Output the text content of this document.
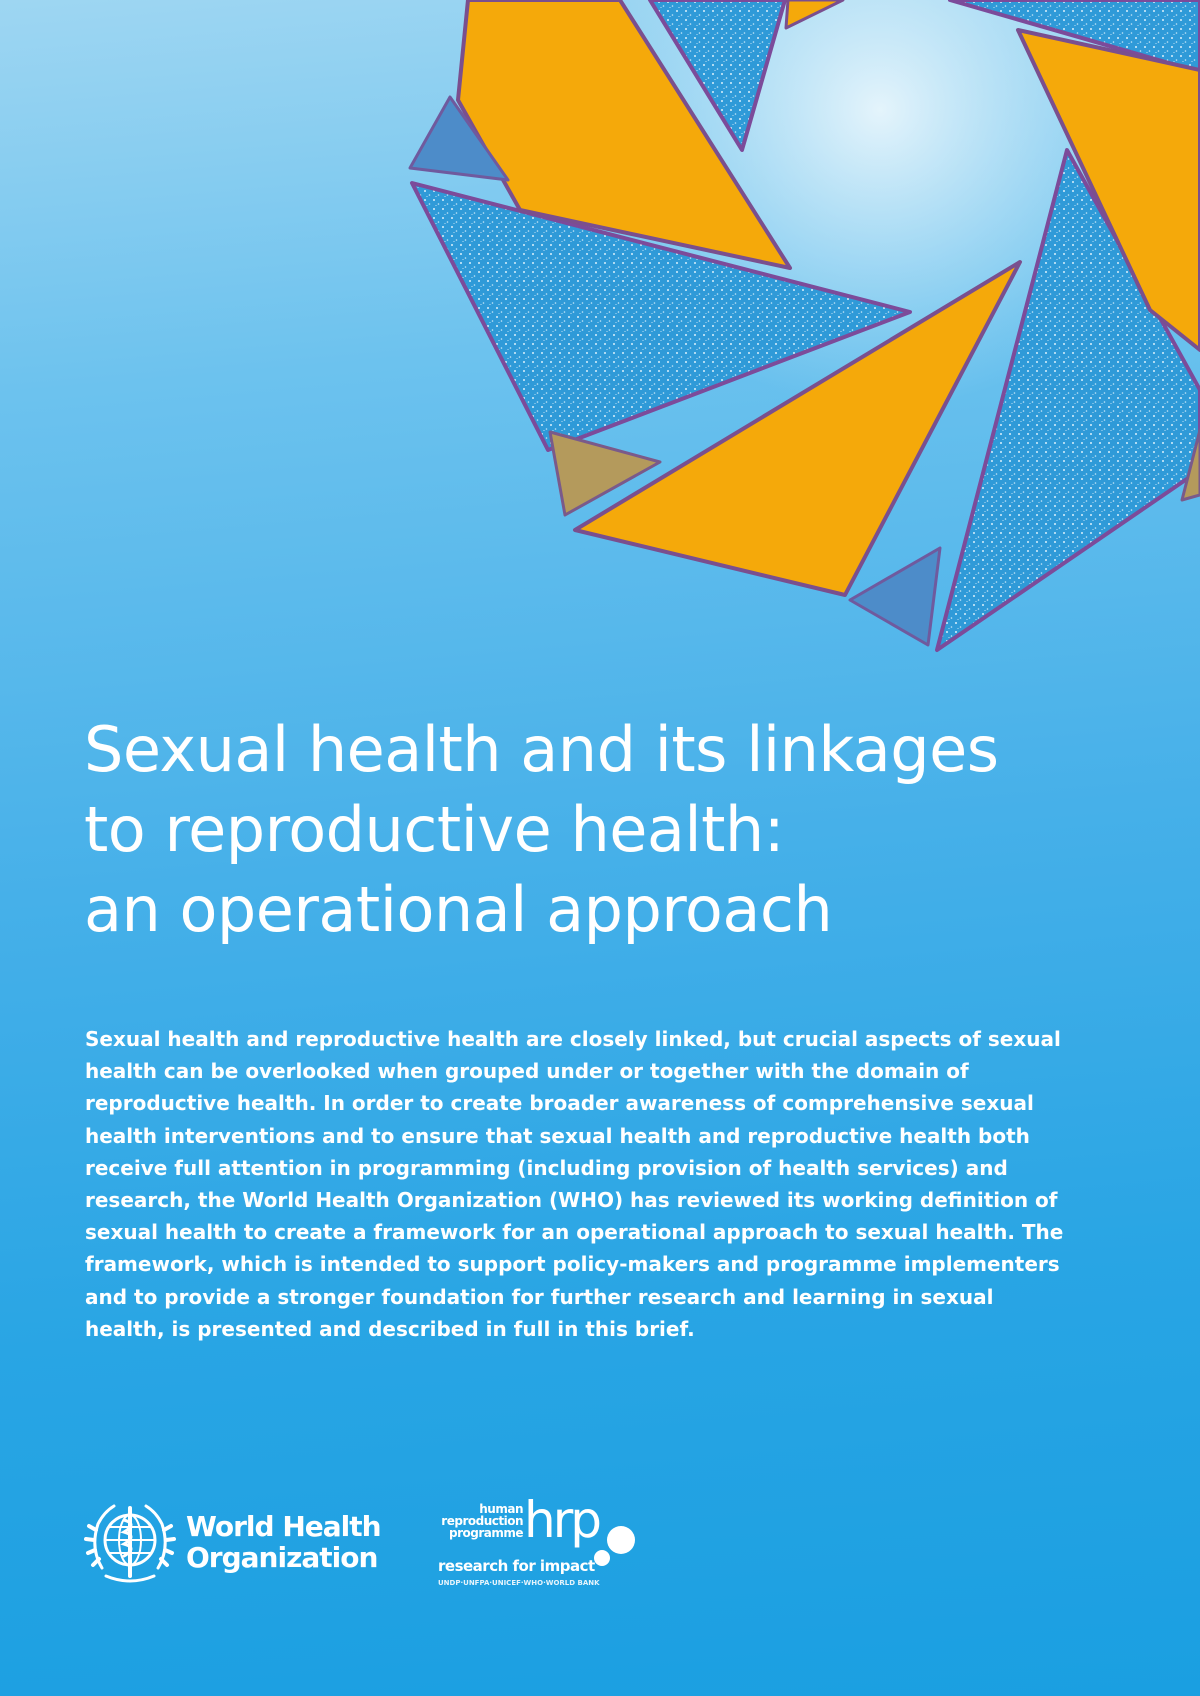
Sexual health and its linkages
to reproductive health:
an operational approach

Sexual health and reproductive health are closely linked, but crucial aspects of sexual
health can be overlooked when grouped under or together with the domain of
reproductive health. In order to create broader awareness of comprehensive sexual
health interventions and to ensure that sexual health and reproductive health both
receive full attention in programming (including provision of health services) and
research, the World Health Organization (WHO) has reviewed its working definition of
sexual health to create a framework for an operational approach to sexual health. The
framework, which is intended to support policy-makers and programme implementers
and to provide a stronger foundation for further research and learning in sexual
health, is presented and described in full in this brief.

World Health
Organization
human
reproduction
programme hrp
research for impact
UNDP·UNFPA·UNICEF·WHO·WORLD BANK
